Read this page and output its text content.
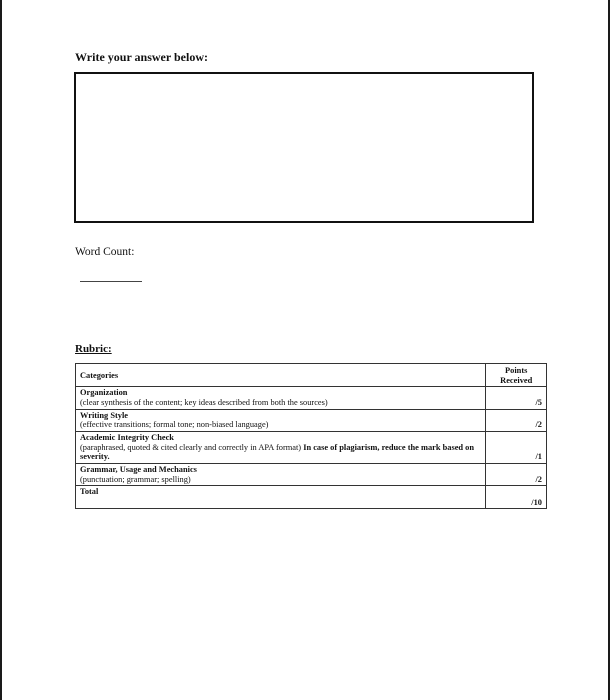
Write your answer below:
Word Count:
Rubric:
Categories	Points Received

Organization
(clear synthesis of the content; key ideas described from both the sources)	/5

Writing Style
(effective transitions; formal tone; non-biased language)	/2

Academic Integrity Check
(paraphrased, quoted & cited clearly and correctly in APA format) In case of plagiarism, reduce the mark based on severity.	/1

Grammar, Usage and Mechanics
(punctuation; grammar; spelling)	/2

Total	/10
